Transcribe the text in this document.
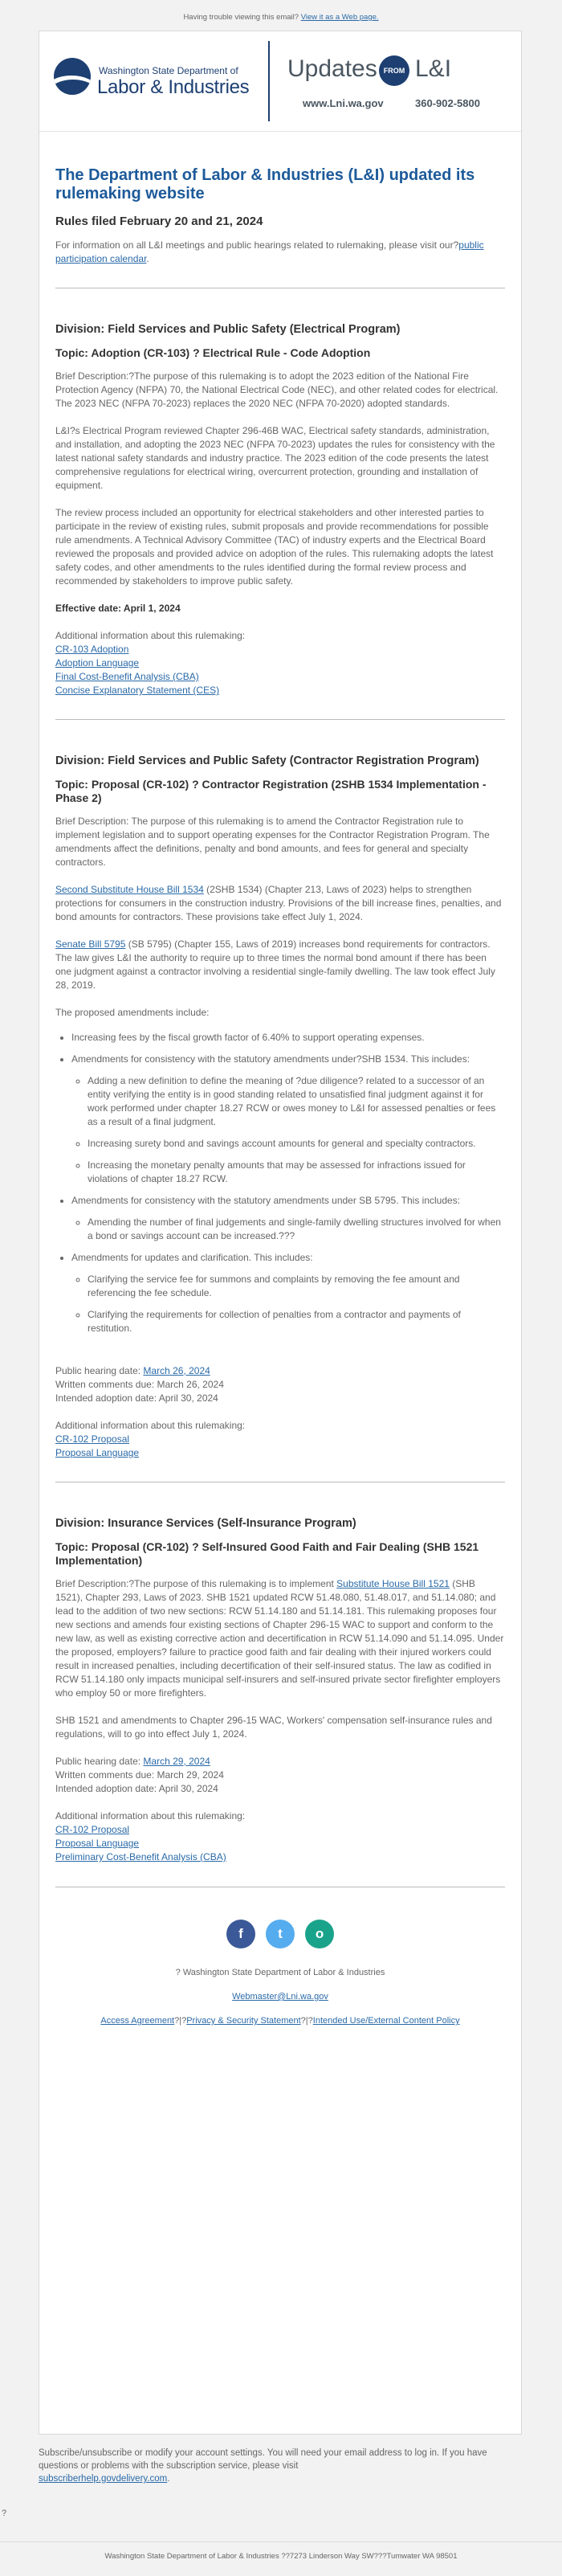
Having trouble viewing this email? View it as a Web page.
Washington State Department of
Labor & Industries
Updates FROM L&I
www.Lni.wa.gov	360-902-5800
The Department of Labor & Industries (L&I) updated its rulemaking website
Rules filed February 20 and 21, 2024

For information on all L&I meetings and public hearings related to rulemaking, please visit our?public participation calendar.

Division: Field Services and Public Safety (Electrical Program)
Topic: Adoption (CR-103) ? Electrical Rule - Code Adoption

Brief Description:?The purpose of this rulemaking is to adopt the 2023 edition of the National Fire Protection Agency (NFPA) 70, the National Electrical Code (NEC), and other related codes for electrical. The 2023 NEC (NFPA 70-2023) replaces the 2020 NEC (NFPA 70-2020) adopted standards.

L&I?s Electrical Program reviewed Chapter 296-46B WAC, Electrical safety standards, administration, and installation, and adopting the 2023 NEC (NFPA 70-2023) updates the rules for consistency with the latest national safety standards and industry practice. The 2023 edition of the code presents the latest comprehensive regulations for electrical wiring, overcurrent protection, grounding and installation of equipment.

The review process included an opportunity for electrical stakeholders and other interested parties to participate in the review of existing rules, submit proposals and provide recommendations for possible rule amendments. A Technical Advisory Committee (TAC) of industry experts and the Electrical Board reviewed the proposals and provided advice on adoption of the rules. This rulemaking adopts the latest safety codes, and other amendments to the rules identified during the formal review process and recommended by stakeholders to improve public safety.

Effective date: April 1, 2024

Additional information about this rulemaking:

CR-103 Adoption
Adoption Language
Final Cost-Benefit Analysis (CBA)
Concise Explanatory Statement (CES)

Division: Field Services and Public Safety (Contractor Registration Program)
Topic: Proposal (CR-102) ? Contractor Registration (2SHB 1534 Implementation - Phase 2)

Brief Description: The purpose of this rulemaking is to amend the Contractor Registration rule to implement legislation and to support operating expenses for the Contractor Registration Program. The amendments affect the definitions, penalty and bond amounts, and fees for general and specialty contractors.

Second Substitute House Bill 1534 (2SHB 1534) (Chapter 213, Laws of 2023) helps to strengthen protections for consumers in the construction industry. Provisions of the bill increase fines, penalties, and bond amounts for contractors. These provisions take effect July 1, 2024.

Senate Bill 5795 (SB 5795) (Chapter 155, Laws of 2019) increases bond requirements for contractors. The law gives L&I the authority to require up to three times the normal bond amount if there has been one judgment against a contractor involving a residential single-family dwelling. The law took effect July 28, 2019.

The proposed amendments include:

• Increasing fees by the fiscal growth factor of 6.40% to support operating expenses.
• Amendments for consistency with the statutory amendments under?SHB 1534. This includes:
◦ Adding a new definition to define the meaning of ?due diligence? related to a successor of an entity verifying the entity is in good standing related to unsatisfied final judgment against it for work performed under chapter 18.27 RCW or owes money to L&I for assessed penalties or fees as a result of a final judgment.
◦ Increasing surety bond and savings account amounts for general and specialty contractors.
◦ Increasing the monetary penalty amounts that may be assessed for infractions issued for violations of chapter 18.27 RCW.
• Amendments for consistency with the statutory amendments under SB 5795. This includes:
◦ Amending the number of final judgements and single-family dwelling structures involved for when a bond or savings account can be increased.???
• Amendments for updates and clarification. This includes:
◦ Clarifying the service fee for summons and complaints by removing the fee amount and referencing the fee schedule.
◦ Clarifying the requirements for collection of penalties from a contractor and payments of restitution.

Public hearing date: March 26, 2024
Written comments due: March 26, 2024
Intended adoption date: April 30, 2024

Additional information about this rulemaking:

CR-102 Proposal
Proposal Language

Division: Insurance Services (Self-Insurance Program)
Topic: Proposal (CR-102) ? Self-Insured Good Faith and Fair Dealing (SHB 1521 Implementation)

Brief Description:?The purpose of this rulemaking is to implement Substitute House Bill 1521 (SHB 1521), Chapter 293, Laws of 2023. SHB 1521 updated RCW 51.48.080, 51.48.017, and 51.14.080; and lead to the addition of two new sections: RCW 51.14.180 and 51.14.181. This rulemaking proposes four new sections and amends four existing sections of Chapter 296-15 WAC to support and conform to the new law, as well as existing corrective action and decertification in RCW 51.14.090 and 51.14.095. Under the proposed, employers? failure to practice good faith and fair dealing with their injured workers could result in increased penalties, including decertification of their self-insured status. The law as codified in RCW 51.14.180 only impacts municipal self-insurers and self-insured private sector firefighter employers who employ 50 or more firefighters.

SHB 1521 and amendments to Chapter 296-15 WAC, Workers' compensation self-insurance rules and regulations, will to go into effect July 1, 2024.

Public hearing date: March 29, 2024
Written comments due: March 29, 2024
Intended adoption date: April 30, 2024

Additional information about this rulemaking:

CR-102 Proposal
Proposal Language
Preliminary Cost-Benefit Analysis (CBA)

f	t o
? Washington State Department of Labor & Industries
Webmaster@Lni.wa.gov
Access Agreement?|?Privacy & Security Statement?|?Intended Use/External Content Policy

Subscribe/unsubscribe or modify your account settings. You will need your email address to log in. If you have questions or problems with the subscription service, please visit
subscriberhelp.govdelivery.com.

?
Washington State Department of Labor & Industries ??7273 Linderson Way SW???Tumwater WA 98501
